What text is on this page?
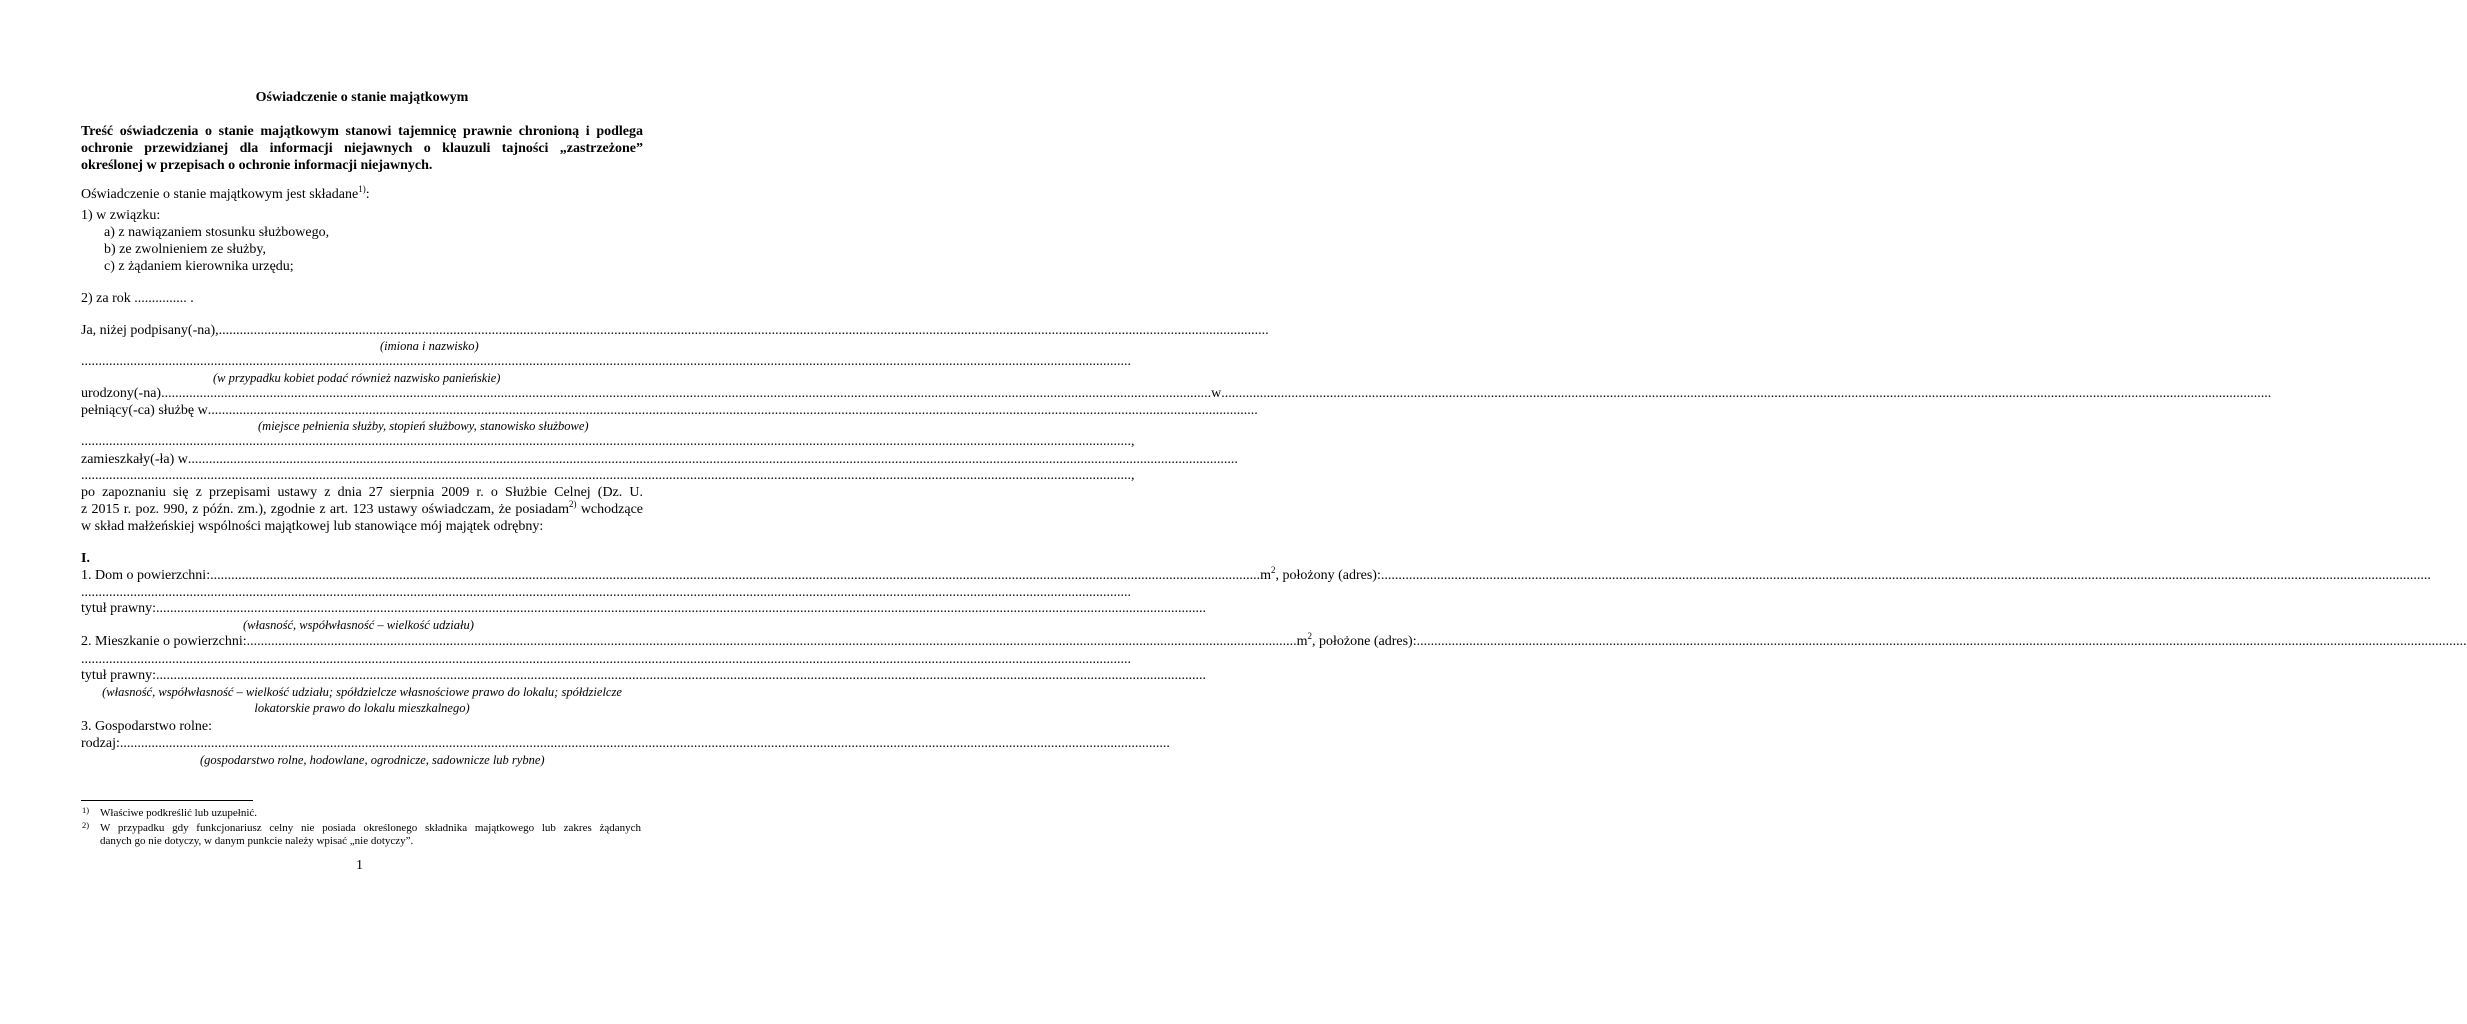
Oświadczenie o stanie majątkowym
Treść oświadczenia o stanie majątkowym stanowi tajemnicę prawnie chronioną i podlega
ochronie przewidzianej dla informacji niejawnych o klauzuli tajności „zastrzeżone”
określonej w przepisach o ochronie informacji niejawnych.
Oświadczenie o stanie majątkowym jest składane$^{1)}$:
1) w związku:
a) z nawiązaniem stosunku służbowego,
b) ze zwolnieniem ze służby,
c) z żądaniem kierownika urzędu;
2) za rok ............... .
Ja, niżej podpisany(-na), ............................................................................................................................................................................................................................................................................................................
(imiona i nazwisko)
............................................................................................................................................................................................................................................................................................................
(w przypadku kobiet podać również nazwisko panieńskie)
urodzony(-na) ............................................................................................................................................................................................................................................................................................................ w ............................................................................................................................................................................................................................................................................................................
pełniący(-ca) służbę w ............................................................................................................................................................................................................................................................................................................
(miejsce pełnienia służby, stopień służbowy, stanowisko służbowe)
............................................................................................................................................................................................................................................................................................................ ,
zamieszkały(-ła) w ............................................................................................................................................................................................................................................................................................................
............................................................................................................................................................................................................................................................................................................ ,
po zapoznaniu się z przepisami ustawy z dnia 27 sierpnia 2009 r. o Służbie Celnej (Dz. U.
z 2015 r. poz. 990, z późn. zm.), zgodnie z art. 123 ustawy oświadczam, że posiadam$^{2)}$ wchodzące
w skład małżeńskiej wspólności majątkowej lub stanowiące mój majątek odrębny:
I.
1. Dom o powierzchni: ............................................................................................................................................................................................................................................................................................................ $m^2$, położony (adres): ............................................................................................................................................................................................................................................................................................................
............................................................................................................................................................................................................................................................................................................
tytuł prawny: ............................................................................................................................................................................................................................................................................................................
(własność, współwłasność – wielkość udziału)
2. Mieszkanie o powierzchni: ............................................................................................................................................................................................................................................................................................................ $m^2$, położone (adres): ............................................................................................................................................................................................................................................................................................................
............................................................................................................................................................................................................................................................................................................
tytuł prawny: ............................................................................................................................................................................................................................................................................................................
(własność, współwłasność – wielkość udziału; spółdzielcze własnościowe prawo do lokalu; spółdzielcze
lokatorskie prawo do lokalu mieszkalnego)
3. Gospodarstwo rolne:
rodzaj: ............................................................................................................................................................................................................................................................................................................
(gospodarstwo rolne, hodowlane, ogrodnicze, sadownicze lub rybne)
1) Właściwe podkreślić lub uzupełnić.
2) W przypadku gdy funkcjonariusz celny nie posiada określonego składnika majątkowego lub zakres żądanych
danych go nie dotyczy, w danym punkcie należy wpisać „nie dotyczy”.
1
